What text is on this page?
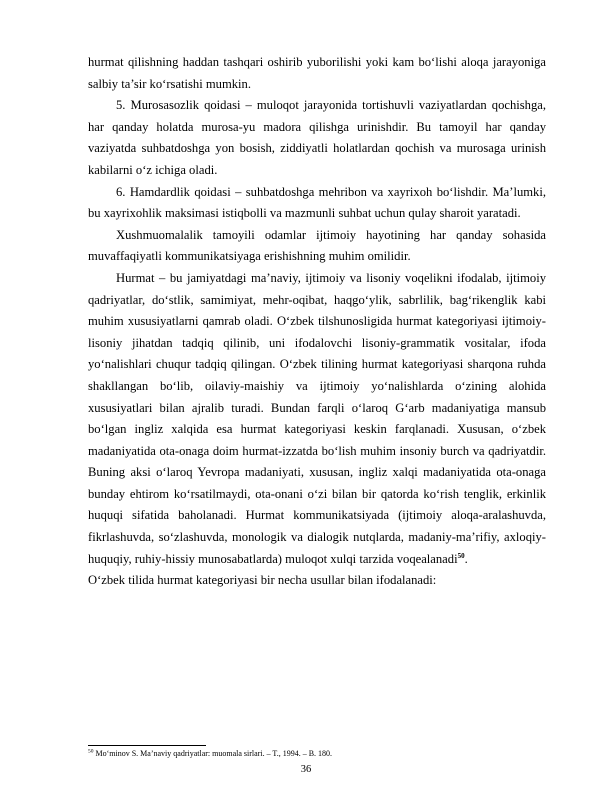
hurmat qilishning haddan tashqari oshirib yuborilishi yoki kam bo‘lishi aloqa jarayoniga salbiy ta’sir ko‘rsatishi mumkin.

5. Murosasozlik qoidasi – muloqot jarayonida tortishuvli vaziyatlardan qochishga, har qanday holatda murosa-yu madora qilishga urinishdir. Bu tamoyil har qanday vaziyatda suhbatdoshga yon bosish, ziddiyatli holatlardan qochish va murosaga urinish kabilarni o‘z ichiga oladi.

6. Hamdardlik qoidasi – suhbatdoshga mehribon va xayrixoh bo‘lishdir. Ma’lumki, bu xayrixohlik maksimasi istiqbolli va mazmunli suhbat uchun qulay sharoit yaratadi.

Xushmuomalalik tamoyili odamlar ijtimoiy hayotining har qanday sohasida muvaffaqiyatli kommunikatsiyaga erishishning muhim omilidir.

Hurmat – bu jamiyatdagi ma’naviy, ijtimoiy va lisoniy voqelikni ifodalab, ijtimoiy qadriyatlar, do‘stlik, samimiyat, mehr-oqibat, haqgo‘ylik, sabrlilik, bag‘rikenglik kabi muhim xususiyatlarni qamrab oladi. O‘zbek tilshunosligida hurmat kategoriyasi ijtimoiy-lisoniy jihatdan tadqiq qilinib, uni ifodalovchi lisoniy-grammatik vositalar, ifoda yo‘nalishlari chuqur tadqiq qilingan. O‘zbek tilining hurmat kategoriyasi sharqona ruhda shakllangan bo‘lib, oilaviy-maishiy va ijtimoiy yo‘nalishlarda o‘zining alohida xususiyatlari bilan ajralib turadi. Bundan farqli o‘laroq G‘arb madaniyatiga mansub bo‘lgan ingliz xalqida esa hurmat kategoriyasi keskin farqlanadi. Xususan, o‘zbek madaniyatida ota-onaga doim hurmat-izzatda bo‘lish muhim insoniy burch va qadriyatdir. Buning aksi o‘laroq Yevropa madaniyati, xususan, ingliz xalqi madaniyatida ota-onaga bunday ehtirom ko‘rsatilmaydi, ota-onani o‘zi bilan bir qatorda ko‘rish tenglik, erkinlik huquqi sifatida baholanadi. Hurmat kommunikatsiyada (ijtimoiy aloqa-aralashuvda, fikrlashuvda, so‘zlashuvda, monologik va dialogik nutqlarda, madaniy-ma’rifiy, axloqiy-huquqiy, ruhiy-hissiy munosabatlarda) muloqot xulqi tarzida voqealanadi$^{50}$.

O‘zbek tilida hurmat kategoriyasi bir necha usullar bilan ifodalanadi:

$^{50}$ Mo‘minov S. Ma’naviy qadriyatlar: muomala sirlari. – T., 1994. – B. 180.
36
